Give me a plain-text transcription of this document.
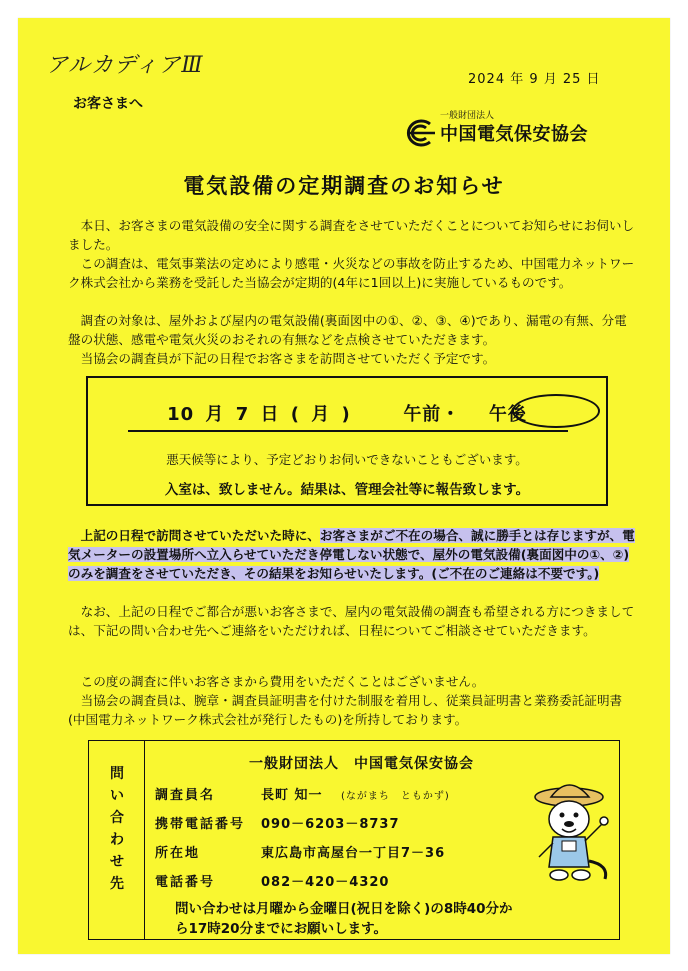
アルカディアⅢ
2024 年 9 月 25 日
お客さまへ
一般財団法人
中国電気保安協会
電気設備の定期調査のお知らせ

本日、お客さまの電気設備の安全に関する調査をさせていただくことについてお知らせにお伺いしました。

この調査は、電気事業法の定めにより感電・火災などの事故を防止するため、中国電力ネットワーク株式会社から業務を受託した当協会が定期的(4年に1回以上)に実施しているものです。

調査の対象は、屋外および屋内の電気設備(裏面図中の①、②、③、④)であり、漏電の有無、分電盤の状態、感電や電気火災のおそれの有無などを点検させていただきます。

当協会の調査員が下記の日程でお客さまを訪問させていただく予定です。

10 月 7 日 ( 月 )	午前・ 午後
悪天候等により、予定どおりお伺いできないこともございます。
入室は、致しません。結果は、管理会社等に報告致します。

上記の日程で訪問させていただいた時に、お客さまがご不在の場合、誠に勝手とは存じますが、電気メーターの設置場所へ立入らせていただき停電しない状態で、屋外の電気設備(裏面図中の①、②)のみを調査をさせていただき、その結果をお知らせいたします。(ご不在のご連絡は不要です。)

なお、上記の日程でご都合が悪いお客さまで、屋内の電気設備の調査も希望される方につきましては、下記の問い合わせ先へご連絡をいただければ、日程についてご相談させていただきます。

この度の調査に伴いお客さまから費用をいただくことはございません。

当協会の調査員は、腕章・調査員証明書を付けた制服を着用し、従業員証明書と業務委託証明書(中国電力ネットワーク株式会社が発行したもの)を所持しております。

問い合わせ先
一般財団法人　中国電気保安協会
調査員名	長町 知一 (ながまち　ともかず)
携帯電話番号	090－6203－8737
所在地	東広島市高屋台一丁目7－36
電話番号	082－420－4320
問い合わせは月曜から金曜日(祝日を除く)の8時40分から17時20分までにお願いします。
